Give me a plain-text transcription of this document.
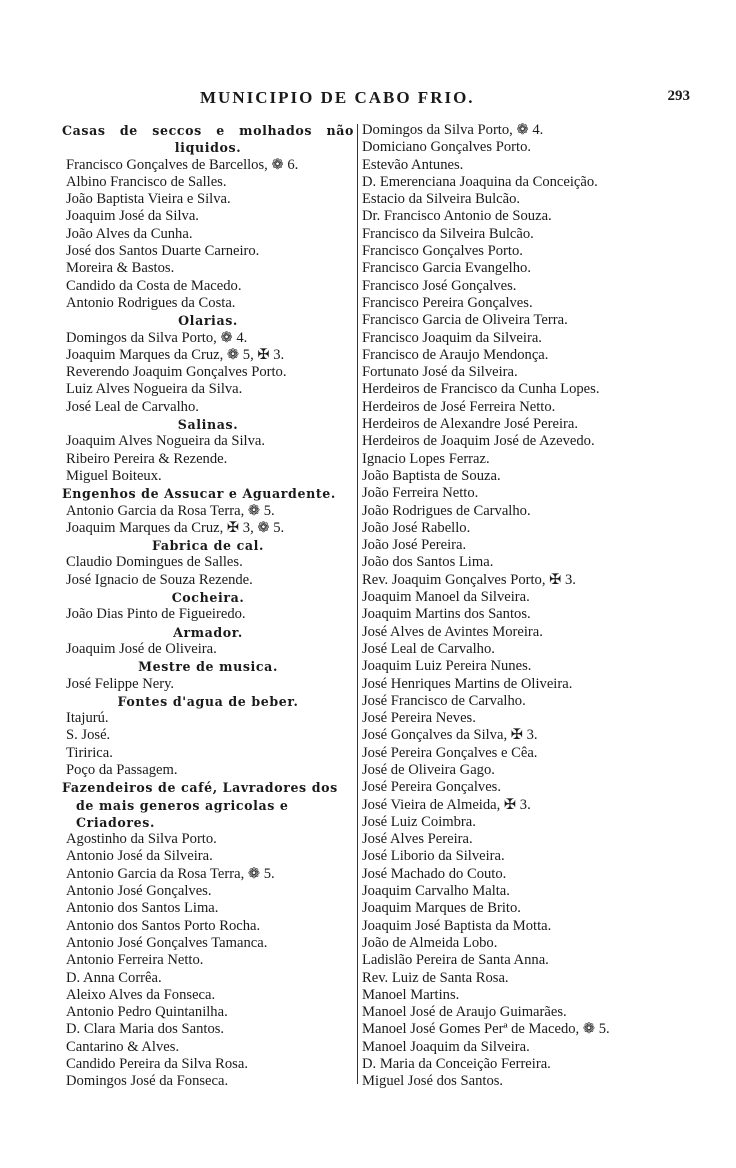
MUNICIPIO DE CABO FRIO.	293
Casas de seccos e molhados não liquidos.
Francisco Gonçalves de Barcellos, ❁ 6.
Albino Francisco de Salles.
João Baptista Vieira e Silva.
Joaquim José da Silva.
João Alves da Cunha.
José dos Santos Duarte Carneiro.
Moreira & Bastos.
Candido da Costa de Macedo.
Antonio Rodrigues da Costa.
Olarias.
Domingos da Silva Porto, ❁ 4.
Joaquim Marques da Cruz, ❁ 5, ✠ 3.
Reverendo Joaquim Gonçalves Porto.
Luiz Alves Nogueira da Silva.
José Leal de Carvalho.
Salinas.
Joaquim Alves Nogueira da Silva.
Ribeiro Pereira & Rezende.
Miguel Boiteux.
Engenhos de Assucar e Aguardente.
Antonio Garcia da Rosa Terra, ❁ 5.
Joaquim Marques da Cruz, ✠ 3, ❁ 5.
Fabrica de cal.
Claudio Domingues de Salles.
José Ignacio de Souza Rezende.
Cocheira.
João Dias Pinto de Figueiredo.
Armador.
Joaquim José de Oliveira.
Mestre de musica.
José Felippe Nery.
Fontes d'agua de beber.
Itajurú.
S. José.
Tiririca.
Poço da Passagem.
Fazendeiros de café, Lavradores dos de mais generos agricolas e Criadores.
Agostinho da Silva Porto.
Antonio José da Silveira.
Antonio Garcia da Rosa Terra, ❁ 5.
Antonio José Gonçalves.
Antonio dos Santos Lima.
Antonio dos Santos Porto Rocha.
Antonio José Gonçalves Tamanca.
Antonio Ferreira Netto.
D. Anna Corrêa.
Aleixo Alves da Fonseca.
Antonio Pedro Quintanilha.
D. Clara Maria dos Santos.
Cantarino & Alves.
Candido Pereira da Silva Rosa.
Domingos José da Fonseca.
Domingos da Silva Porto, ❁ 4.
Domiciano Gonçalves Porto.
Estevão Antunes.
D. Emerenciana Joaquina da Conceição.
Estacio da Silveira Bulcão.
Dr. Francisco Antonio de Souza.
Francisco da Silveira Bulcão.
Francisco Gonçalves Porto.
Francisco Garcia Evangelho.
Francisco José Gonçalves.
Francisco Pereira Gonçalves.
Francisco Garcia de Oliveira Terra.
Francisco Joaquim da Silveira.
Francisco de Araujo Mendonça.
Fortunato José da Silveira.
Herdeiros de Francisco da Cunha Lopes.
Herdeiros de José Ferreira Netto.
Herdeiros de Alexandre José Pereira.
Herdeiros de Joaquim José de Azevedo.
Ignacio Lopes Ferraz.
João Baptista de Souza.
João Ferreira Netto.
João Rodrigues de Carvalho.
João José Rabello.
João José Pereira.
João dos Santos Lima.
Rev. Joaquim Gonçalves Porto, ✠ 3.
Joaquim Manoel da Silveira.
Joaquim Martins dos Santos.
José Alves de Avintes Moreira.
José Leal de Carvalho.
Joaquim Luiz Pereira Nunes.
José Henriques Martins de Oliveira.
José Francisco de Carvalho.
José Pereira Neves.
José Gonçalves da Silva, ✠ 3.
José Pereira Gonçalves e Cêa.
José de Oliveira Gago.
José Pereira Gonçalves.
José Vieira de Almeida, ✠ 3.
José Luiz Coimbra.
José Alves Pereira.
José Liborio da Silveira.
José Machado do Couto.
Joaquim Carvalho Malta.
Joaquim Marques de Brito.
Joaquim José Baptista da Motta.
João de Almeida Lobo.
Ladislão Pereira de Santa Anna.
Rev. Luiz de Santa Rosa.
Manoel Martins.
Manoel José de Araujo Guimarães.
Manoel José Gomes Perª de Macedo, ❁ 5.
Manoel Joaquim da Silveira.
D. Maria da Conceição Ferreira.
Miguel José dos Santos.
